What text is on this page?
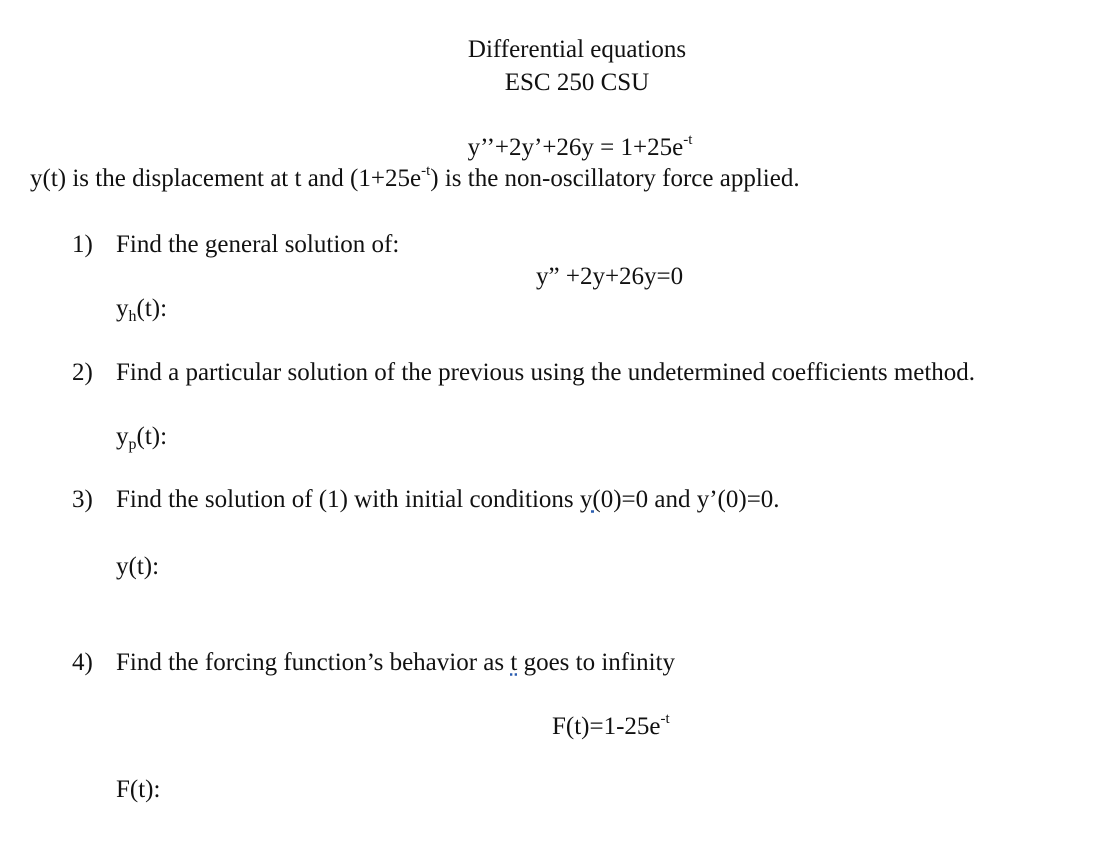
Differential equations
ESC 250 CSU
y’’+2y’+26y = $1+25e^{-t}$
y(t) is the displacement at t and $(1+25e^{-t})$ is the non-oscillatory force applied.
1) Find the general solution of:
y” +2y+26y=0
$y_h(t)$:
2) Find a particular solution of the previous using the undetermined coefficients method.
$y_p(t)$:
3) Find the solution of (1) with initial conditions y(0)=0 and y’(0)=0.
y(t):
4) Find the forcing function’s behavior as t goes to infinity
$F(t)=1-25e^{-t}$
F(t):
